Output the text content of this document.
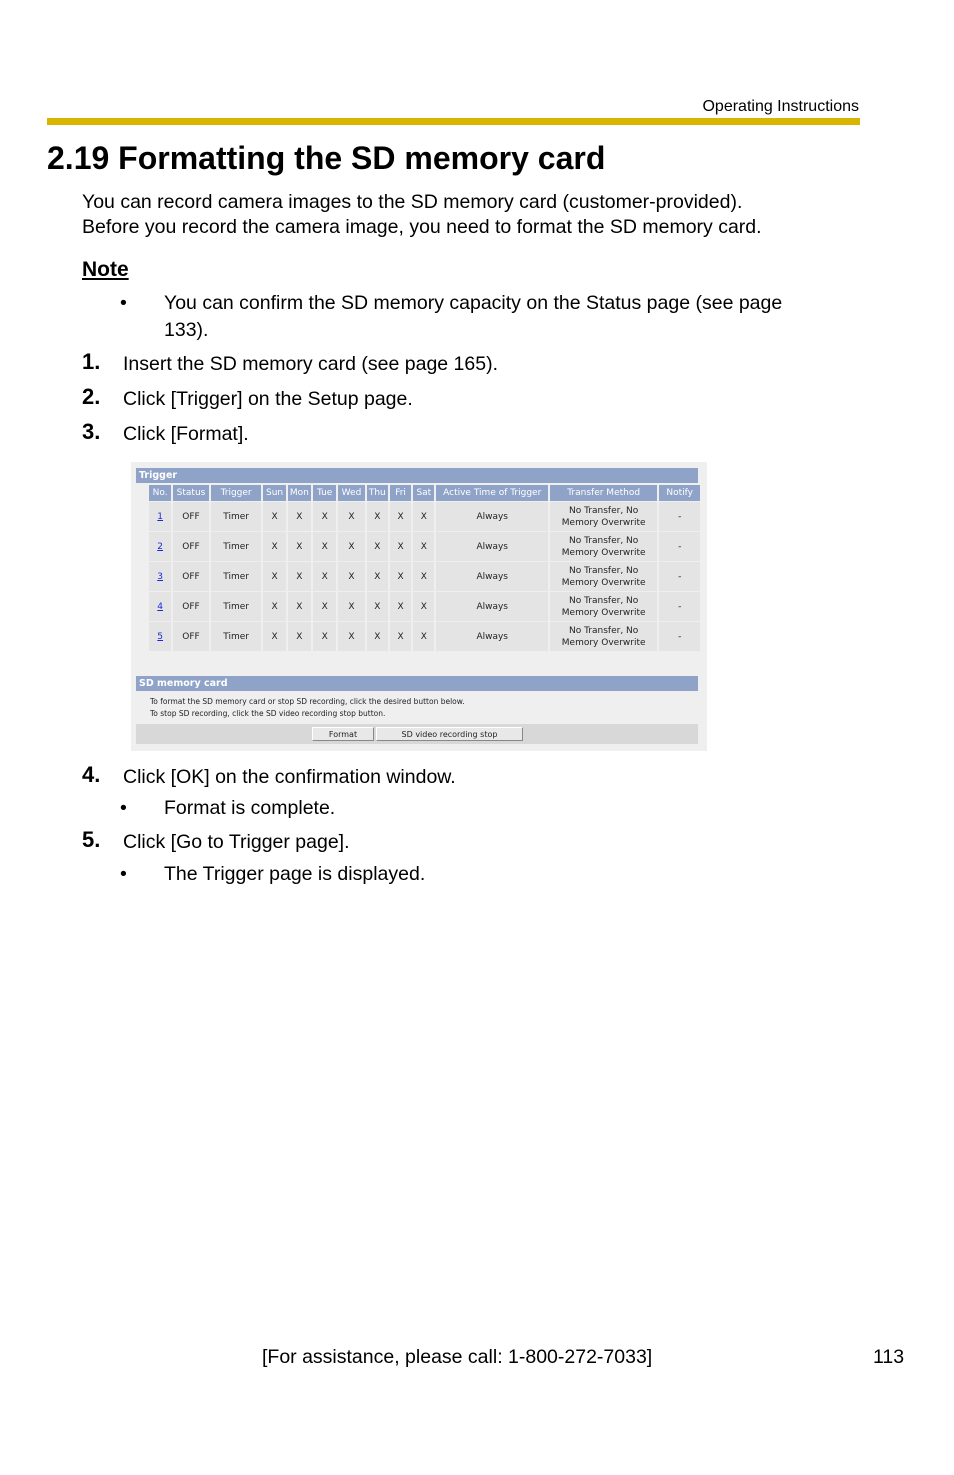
Operating Instructions
2.19 Formatting the SD memory card
You can record camera images to the SD memory card (customer-provided).
Before you record the camera image, you need to format the SD memory card.
Note
• You can confirm the SD memory capacity on the Status page (see page
133).
1. Insert the SD memory card (see page 165).
2. Click [Trigger] on the Setup page.
3. Click [Format].
Trigger
No.	Status	Trigger	Sun	Mon	Tue	Wed	Thu	Fri	Sat	Active Time of Trigger	Transfer Method	Notify
1	OFF	Timer	X	X	X	X	X	X	X	Always	No Transfer, No Memory Overwrite	-
2	OFF	Timer	X	X	X	X	X	X	X	Always	No Transfer, No Memory Overwrite	-
3	OFF	Timer	X	X	X	X	X	X	X	Always	No Transfer, No Memory Overwrite	-
4	OFF	Timer	X	X	X	X	X	X	X	Always	No Transfer, No Memory Overwrite	-
5	OFF	Timer	X	X	X	X	X	X	X	Always	No Transfer, No Memory Overwrite	-
SD memory card
To format the SD memory card or stop SD recording, click the desired button below.
To stop SD recording, click the SD video recording stop button.
Format	SD video recording stop
4. Click [OK] on the confirmation window.
• Format is complete.
5. Click [Go to Trigger page].
• The Trigger page is displayed.
[For assistance, please call: 1-800-272-7033]	113
